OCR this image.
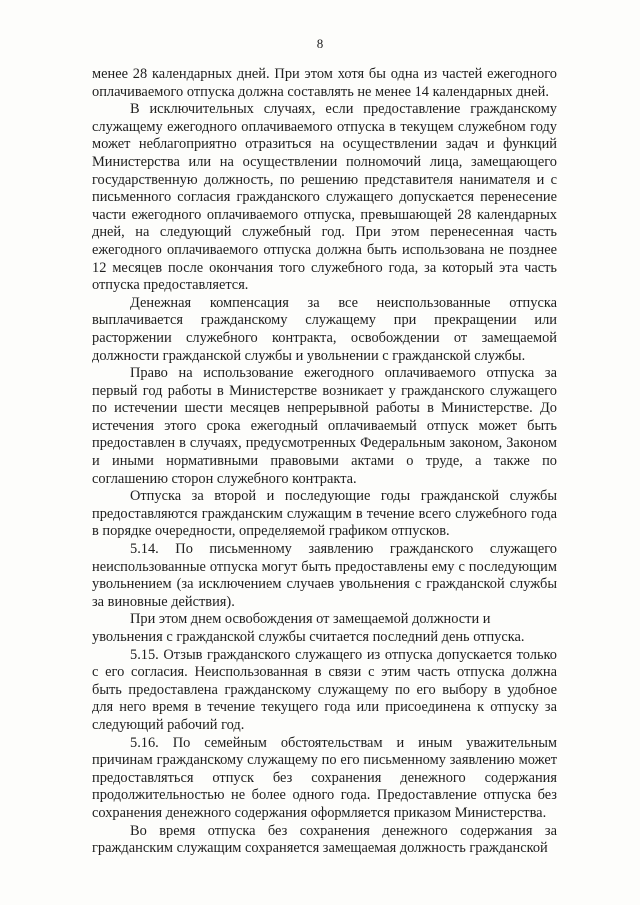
8

менее 28 календарных дней. При этом хотя бы одна из частей ежегодного оплачиваемого отпуска должна составлять не менее 14 календарных дней.

В исключительных случаях, если предоставление гражданскому служащему ежегодного оплачиваемого отпуска в текущем служебном году может неблагоприятно отразиться на осуществлении задач и функций Министерства или на осуществлении полномочий лица, замещающего государственную должность, по решению представителя нанимателя и с письменного согласия гражданского служащего допускается перенесение части ежегодного оплачиваемого отпуска, превышающей 28 календарных дней, на следующий служебный год. При этом перенесенная часть ежегодного оплачиваемого отпуска должна быть использована не позднее 12 месяцев после окончания того служебного года, за который эта часть отпуска предоставляется.

Денежная компенсация за все неиспользованные отпуска выплачивается гражданскому служащему при прекращении или расторжении служебного контракта, освобождении от замещаемой должности гражданской службы и увольнении с гражданской службы.

Право на использование ежегодного оплачиваемого отпуска за первый год работы в Министерстве возникает у гражданского служащего по истечении шести месяцев непрерывной работы в Министерстве. До истечения этого срока ежегодный оплачиваемый отпуск может быть предоставлен в случаях, предусмотренных Федеральным законом, Законом и иными нормативными правовыми актами о труде, а также по соглашению сторон служебного контракта.

Отпуска за второй и последующие годы гражданской службы предоставляются гражданским служащим в течение всего служебного года в порядке очередности, определяемой графиком отпусков.

5.14. По письменному заявлению гражданского служащего неиспользованные отпуска могут быть предоставлены ему с последующим увольнением (за исключением случаев увольнения с гражданской службы за виновные действия).

При этом днем освобождения от замещаемой должности и

увольнения с гражданской службы считается последний день отпуска.

5.15. Отзыв гражданского служащего из отпуска допускается только с его согласия. Неиспользованная в связи с этим часть отпуска должна быть предоставлена гражданскому служащему по его выбору в удобное для него время в течение текущего года или присоединена к отпуску за следующий рабочий год.

5.16. По семейным обстоятельствам и иным уважительным причинам гражданскому служащему по его письменному заявлению может предоставляться отпуск без сохранения денежного содержания продолжительностью не более одного года. Предоставление отпуска без сохранения денежного содержания оформляется приказом Министерства.

Во время отпуска без сохранения денежного содержания за гражданским служащим сохраняется замещаемая должность гражданской
